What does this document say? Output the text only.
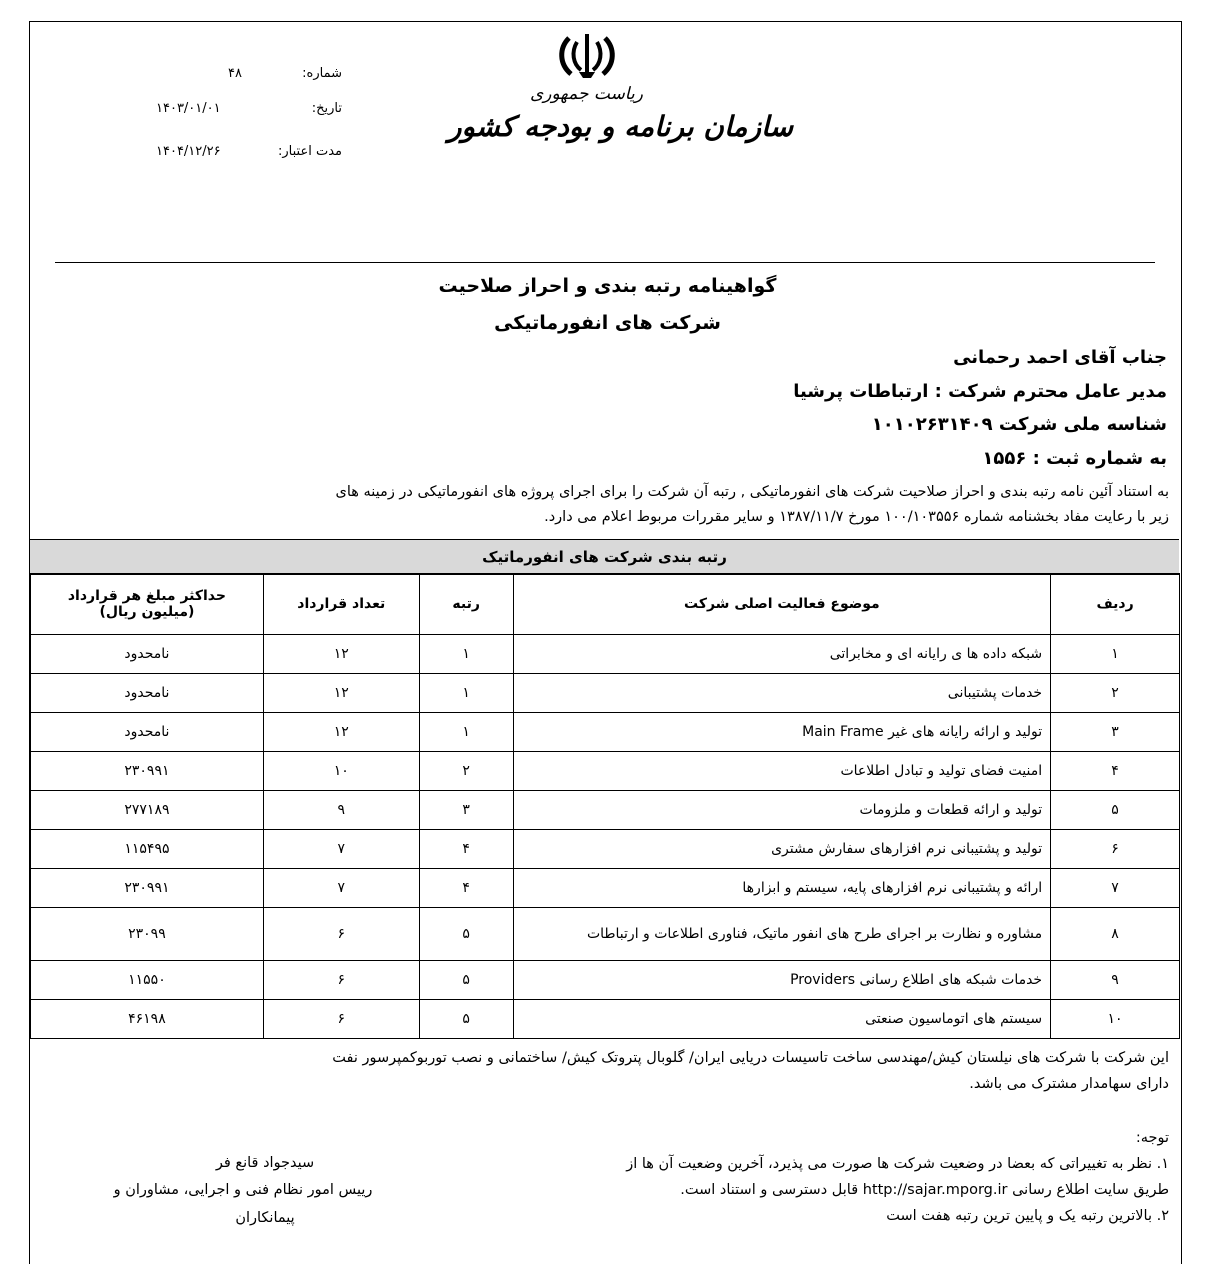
شماره:
۴۸
تاریخ:
۱۴۰۳/۰۱/۰۱
مدت اعتبار:
۱۴۰۴/۱۲/۲۶
ریاست جمهوری
سازمان برنامه و بودجه کشور
گواهینامه رتبه بندی و احراز صلاحیت
شرکت های انفورماتیکی
جناب آقای احمد رحمانی
مدیر عامل محترم شرکت : ارتباطات پرشیا
شناسه ملی شرکت ۱۰۱۰۲۶۳۱۴۰۹
به شماره ثبت : ۱۵۵۶

به استناد آئین نامه رتبه بندی و احراز صلاحیت شرکت های انفورماتیکی , رتبه آن شرکت را برای اجرای پروژه های انفورماتیکی در زمینه های

زیر با رعایت مفاد بخشنامه شماره ۱۰۰/۱۰۳۵۵۶ مورخ ۱۳۸۷/۱۱/۷ و سایر مقررات مربوط اعلام می دارد.

رتبه بندی شرکت های انفورماتیک
ردیف	موضوع فعالیت اصلی شرکت	رتبه	تعداد قرارداد	حداکثر مبلغ هر قرارداد
(میلیون ریال)

۱	شبکه داده ها ی رایانه ای و مخابراتی	۱	۱۲	نامحدود
۲	خدمات پشتیبانی	۱	۱۲	نامحدود
۳	تولید و ارائه رایانه های غیر Main Frame	۱	۱۲	نامحدود
۴	امنیت فضای تولید و تبادل اطلاعات	۲	۱۰	۲۳۰۹۹۱
۵	تولید و ارائه قطعات و ملزومات	۳	۹	۲۷۷۱۸۹
۶	تولید و پشتیبانی نرم افزارهای سفارش مشتری	۴	۷	۱۱۵۴۹۵
۷	ارائه و پشتیبانی نرم افزارهای پایه، سیستم و ابزارها	۴	۷	۲۳۰۹۹۱
۸	مشاوره و نظارت بر اجرای طرح های انفور ماتیک، فناوری اطلاعات و ارتباطات	۵	۶	۲۳۰۹۹
۹	خدمات شبکه های اطلاع رسانی Providers	۵	۶	۱۱۵۵۰
۱۰	سیستم های اتوماسیون صنعتی	۵	۶	۴۶۱۹۸
این شرکت با شرکت های نیلستان کیش/مهندسی ساخت تاسیسات دریایی ایران/ گلوبال پتروتک کیش/ ساختمانی و نصب توربوکمپرسور نفت
دارای سهامدار مشترک می باشد.
توجه:
۱. نظر به تغییراتی که بعضا در وضعیت شرکت ها صورت می پذیرد، آخرین وضعیت آن ها از
طریق سایت اطلاع رسانی http://sajar.mporg.ir قابل دسترسی و استناد است.
۲. بالاترین رتبه یک و پایین ترین رتبه هفت است
سیدجواد قانع فر
رییس امور نظام فنی و اجرایی، مشاوران و
پیمانکاران
